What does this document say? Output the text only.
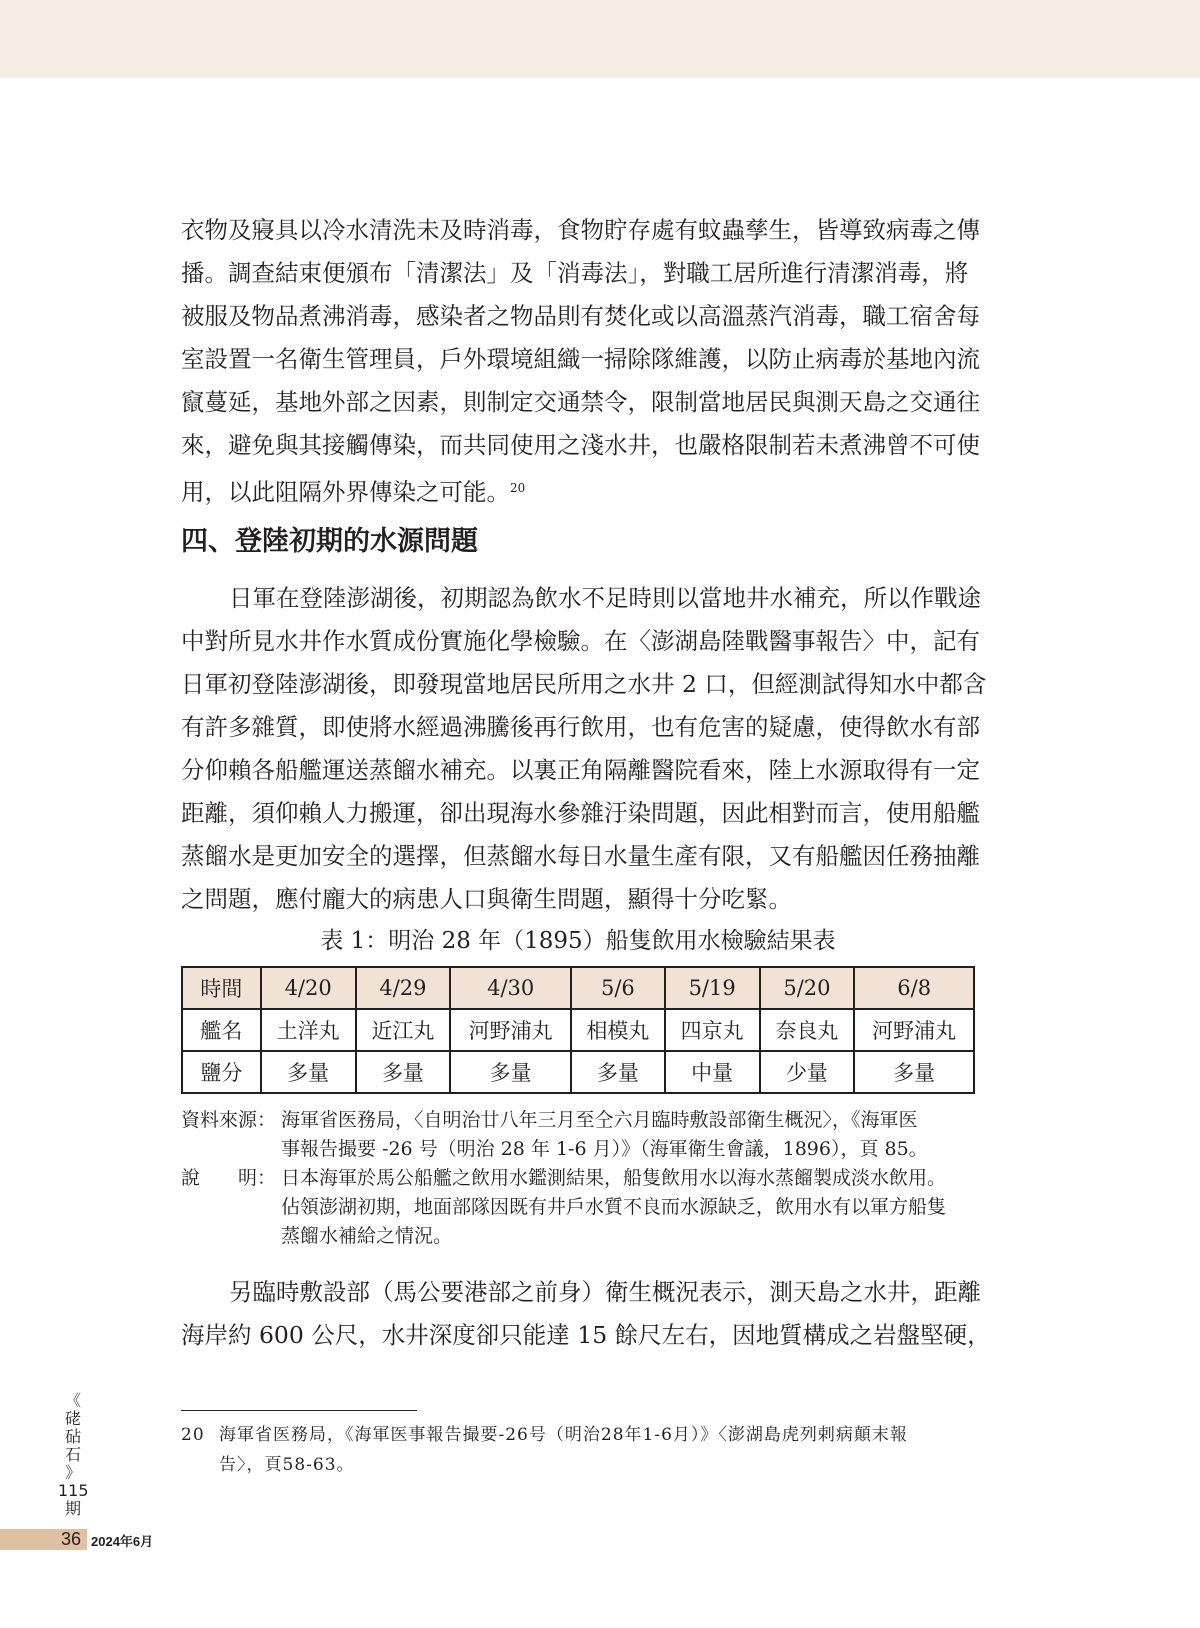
衣物及寢具以冷水清洗未及時消毒，食物貯存處有蚊蟲孳生，皆導致病毒之傳
播。調查結束便頒布「清潔法」及「消毒法」，對職工居所進行清潔消毒，將
被服及物品煮沸消毒，感染者之物品則有焚化或以高溫蒸汽消毒，職工宿舍每
室設置一名衛生管理員，戶外環境組織一掃除隊維護，以防止病毒於基地內流
竄蔓延，基地外部之因素，則制定交通禁令，限制當地居民與測天島之交通往
來，避免與其接觸傳染，而共同使用之淺水井，也嚴格限制若未煮沸曾不可使
用，以此阻隔外界傳染之可能。$^{20}$
四、登陸初期的水源問題
日軍在登陸澎湖後，初期認為飲水不足時則以當地井水補充，所以作戰途
中對所見水井作水質成份實施化學檢驗。在〈澎湖島陸戰醫事報告〉中，記有
日軍初登陸澎湖後，即發現當地居民所用之水井 2 口，但經測試得知水中都含
有許多雜質，即使將水經過沸騰後再行飲用，也有危害的疑慮，使得飲水有部
分仰賴各船艦運送蒸餾水補充。以裏正角隔離醫院看來，陸上水源取得有一定
距離，須仰賴人力搬運，卻出現海水參雜汙染問題，因此相對而言，使用船艦
蒸餾水是更加安全的選擇，但蒸餾水每日水量生產有限，又有船艦因任務抽離
之問題，應付龐大的病患人口與衛生問題，顯得十分吃緊。
表 1：明治 28 年（1895）船隻飲用水檢驗結果表
時間	4/20	4/29	4/30	5/6	5/19	5/20	6/8
艦名	土洋丸	近江丸	河野浦丸	相模丸	四京丸	奈良丸	河野浦丸
鹽分	多量	多量	多量	多量	中量	少量	多量
資料來源： 海軍省医務局，〈自明治廿八年三月至仝六月臨時敷設部衛生概況〉，《海軍医
事報告撮要 -26 号（明治 28 年 1-6 月）》（海軍衛生會議，1896），頁 85。
說　　明： 日本海軍於馬公船艦之飲用水鑑測結果，船隻飲用水以海水蒸餾製成淡水飲用。
佔領澎湖初期，地面部隊因既有井戶水質不良而水源缺乏，飲用水有以軍方船隻
蒸餾水補給之情況。
另臨時敷設部（馬公要港部之前身）衛生概況表示，測天島之水井，距離
海岸約 600 公尺，水井深度卻只能達 15 餘尺左右，因地質構成之岩盤堅硬，
20 海軍省医務局，《海軍医事報告撮要-26号（明治28年1-6月）》〈澎湖島虎列剌病顛末報
告〉，頁58-63。
《
硓
砧
石
》
115
期
36 2024年6月
